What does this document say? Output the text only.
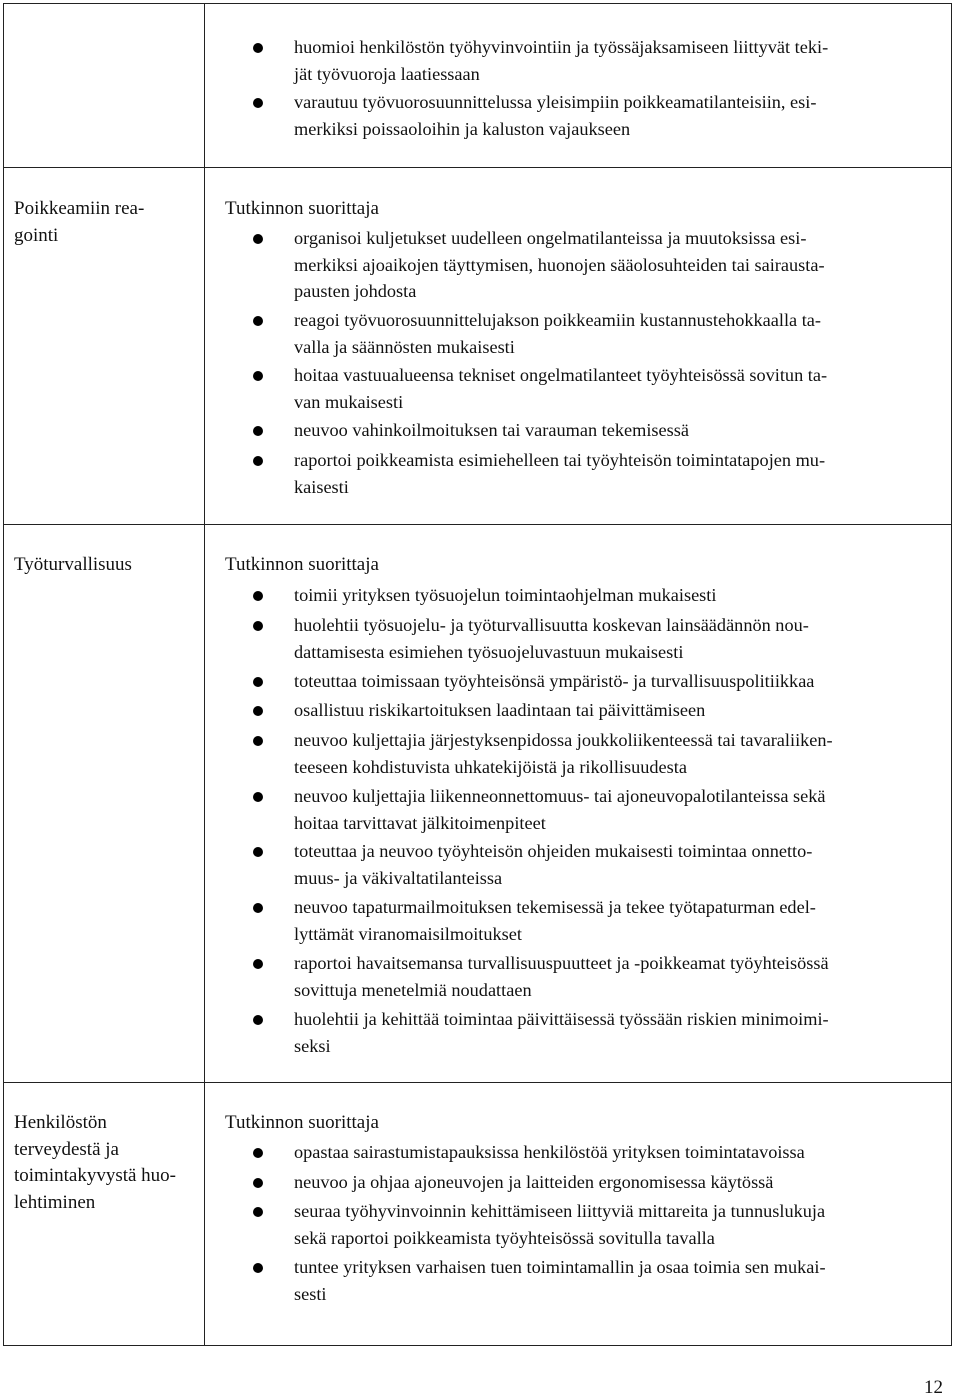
huomioi henkilöstön työhyvinvointiin ja työssäjaksamiseen liittyvät teki-
jät työvuoroja laatiessaan
varautuu työvuorosuunnittelussa yleisimpiin poikkeamatilanteisiin, esi-
merkiksi poissaoloihin ja kaluston vajaukseen
Poikkeamiin rea-
gointi
Tutkinnon suorittaja
organisoi kuljetukset uudelleen ongelmatilanteissa ja muutoksissa esi-
merkiksi ajoaikojen täyttymisen, huonojen sääolosuhteiden tai sairausta-
pausten johdosta
reagoi työvuorosuunnittelujakson poikkeamiin kustannustehokkaalla ta-
valla ja säännösten mukaisesti
hoitaa vastuualueensa tekniset ongelmatilanteet työyhteisössä sovitun ta-
van mukaisesti
neuvoo vahinkoilmoituksen tai varauman tekemisessä
raportoi poikkeamista esimiehelleen tai työyhteisön toimintatapojen mu-
kaisesti
Työturvallisuus	Tutkinnon suorittaja
toimii yrityksen työsuojelun toimintaohjelman mukaisesti
huolehtii työsuojelu- ja työturvallisuutta koskevan lainsäädännön nou-
dattamisesta esimiehen työsuojeluvastuun mukaisesti
toteuttaa toimissaan työyhteisönsä ympäristö- ja turvallisuuspolitiikkaa
osallistuu riskikartoituksen laadintaan tai päivittämiseen
neuvoo kuljettajia järjestyksenpidossa joukkoliikenteessä tai tavaraliiken-
teeseen kohdistuvista uhkatekijöistä ja rikollisuudesta
neuvoo kuljettajia liikenneonnettomuus- tai ajoneuvopalotilanteissa sekä
hoitaa tarvittavat jälkitoimenpiteet
toteuttaa ja neuvoo työyhteisön ohjeiden mukaisesti toimintaa onnetto-
muus- ja väkivaltatilanteissa
neuvoo tapaturmailmoituksen tekemisessä ja tekee työtapaturman edel-
lyttämät viranomaisilmoitukset
raportoi havaitsemansa turvallisuuspuutteet ja -poikkeamat työyhteisössä
sovittuja menetelmiä noudattaen
huolehtii ja kehittää toimintaa päivittäisessä työssään riskien minimoimi-
seksi
Henkilöstön
terveydestä ja
toimintakyvystä huo-
lehtiminen
Tutkinnon suorittaja
opastaa sairastumistapauksissa henkilöstöä yrityksen toimintatavoissa
neuvoo ja ohjaa ajoneuvojen ja laitteiden ergonomisessa käytössä
seuraa työhyvinvoinnin kehittämiseen liittyviä mittareita ja tunnuslukuja
sekä raportoi poikkeamista työyhteisössä sovitulla tavalla
tuntee yrityksen varhaisen tuen toimintamallin ja osaa toimia sen mukai-
sesti
12
